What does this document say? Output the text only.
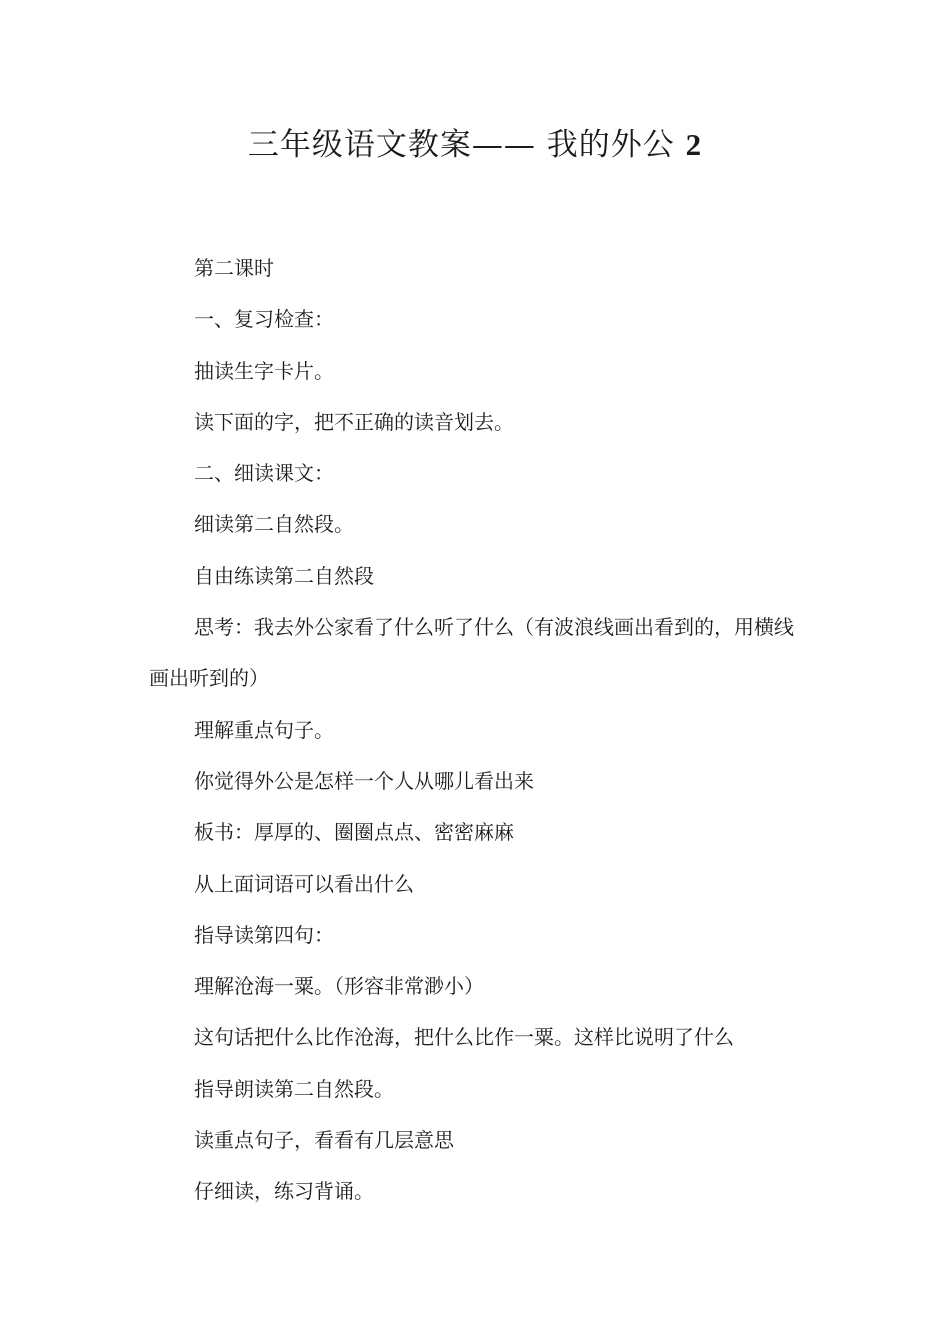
三年级语文教案—— 我的外公 2

第二课时

一、复习检查：

抽读生字卡片。

读下面的字，把不正确的读音划去。

二、细读课文：

细读第二自然段。

自由练读第二自然段

思考：我去外公家看了什么听了什么（有波浪线画出看到的，用横线画出听到的）

理解重点句子。

你觉得外公是怎样一个人从哪儿看出来

板书：厚厚的、圈圈点点、密密麻麻

从上面词语可以看出什么

指导读第四句：

理解沧海一粟。（形容非常渺小）

这句话把什么比作沧海，把什么比作一粟。这样比说明了什么

指导朗读第二自然段。

读重点句子，看看有几层意思

仔细读，练习背诵。
